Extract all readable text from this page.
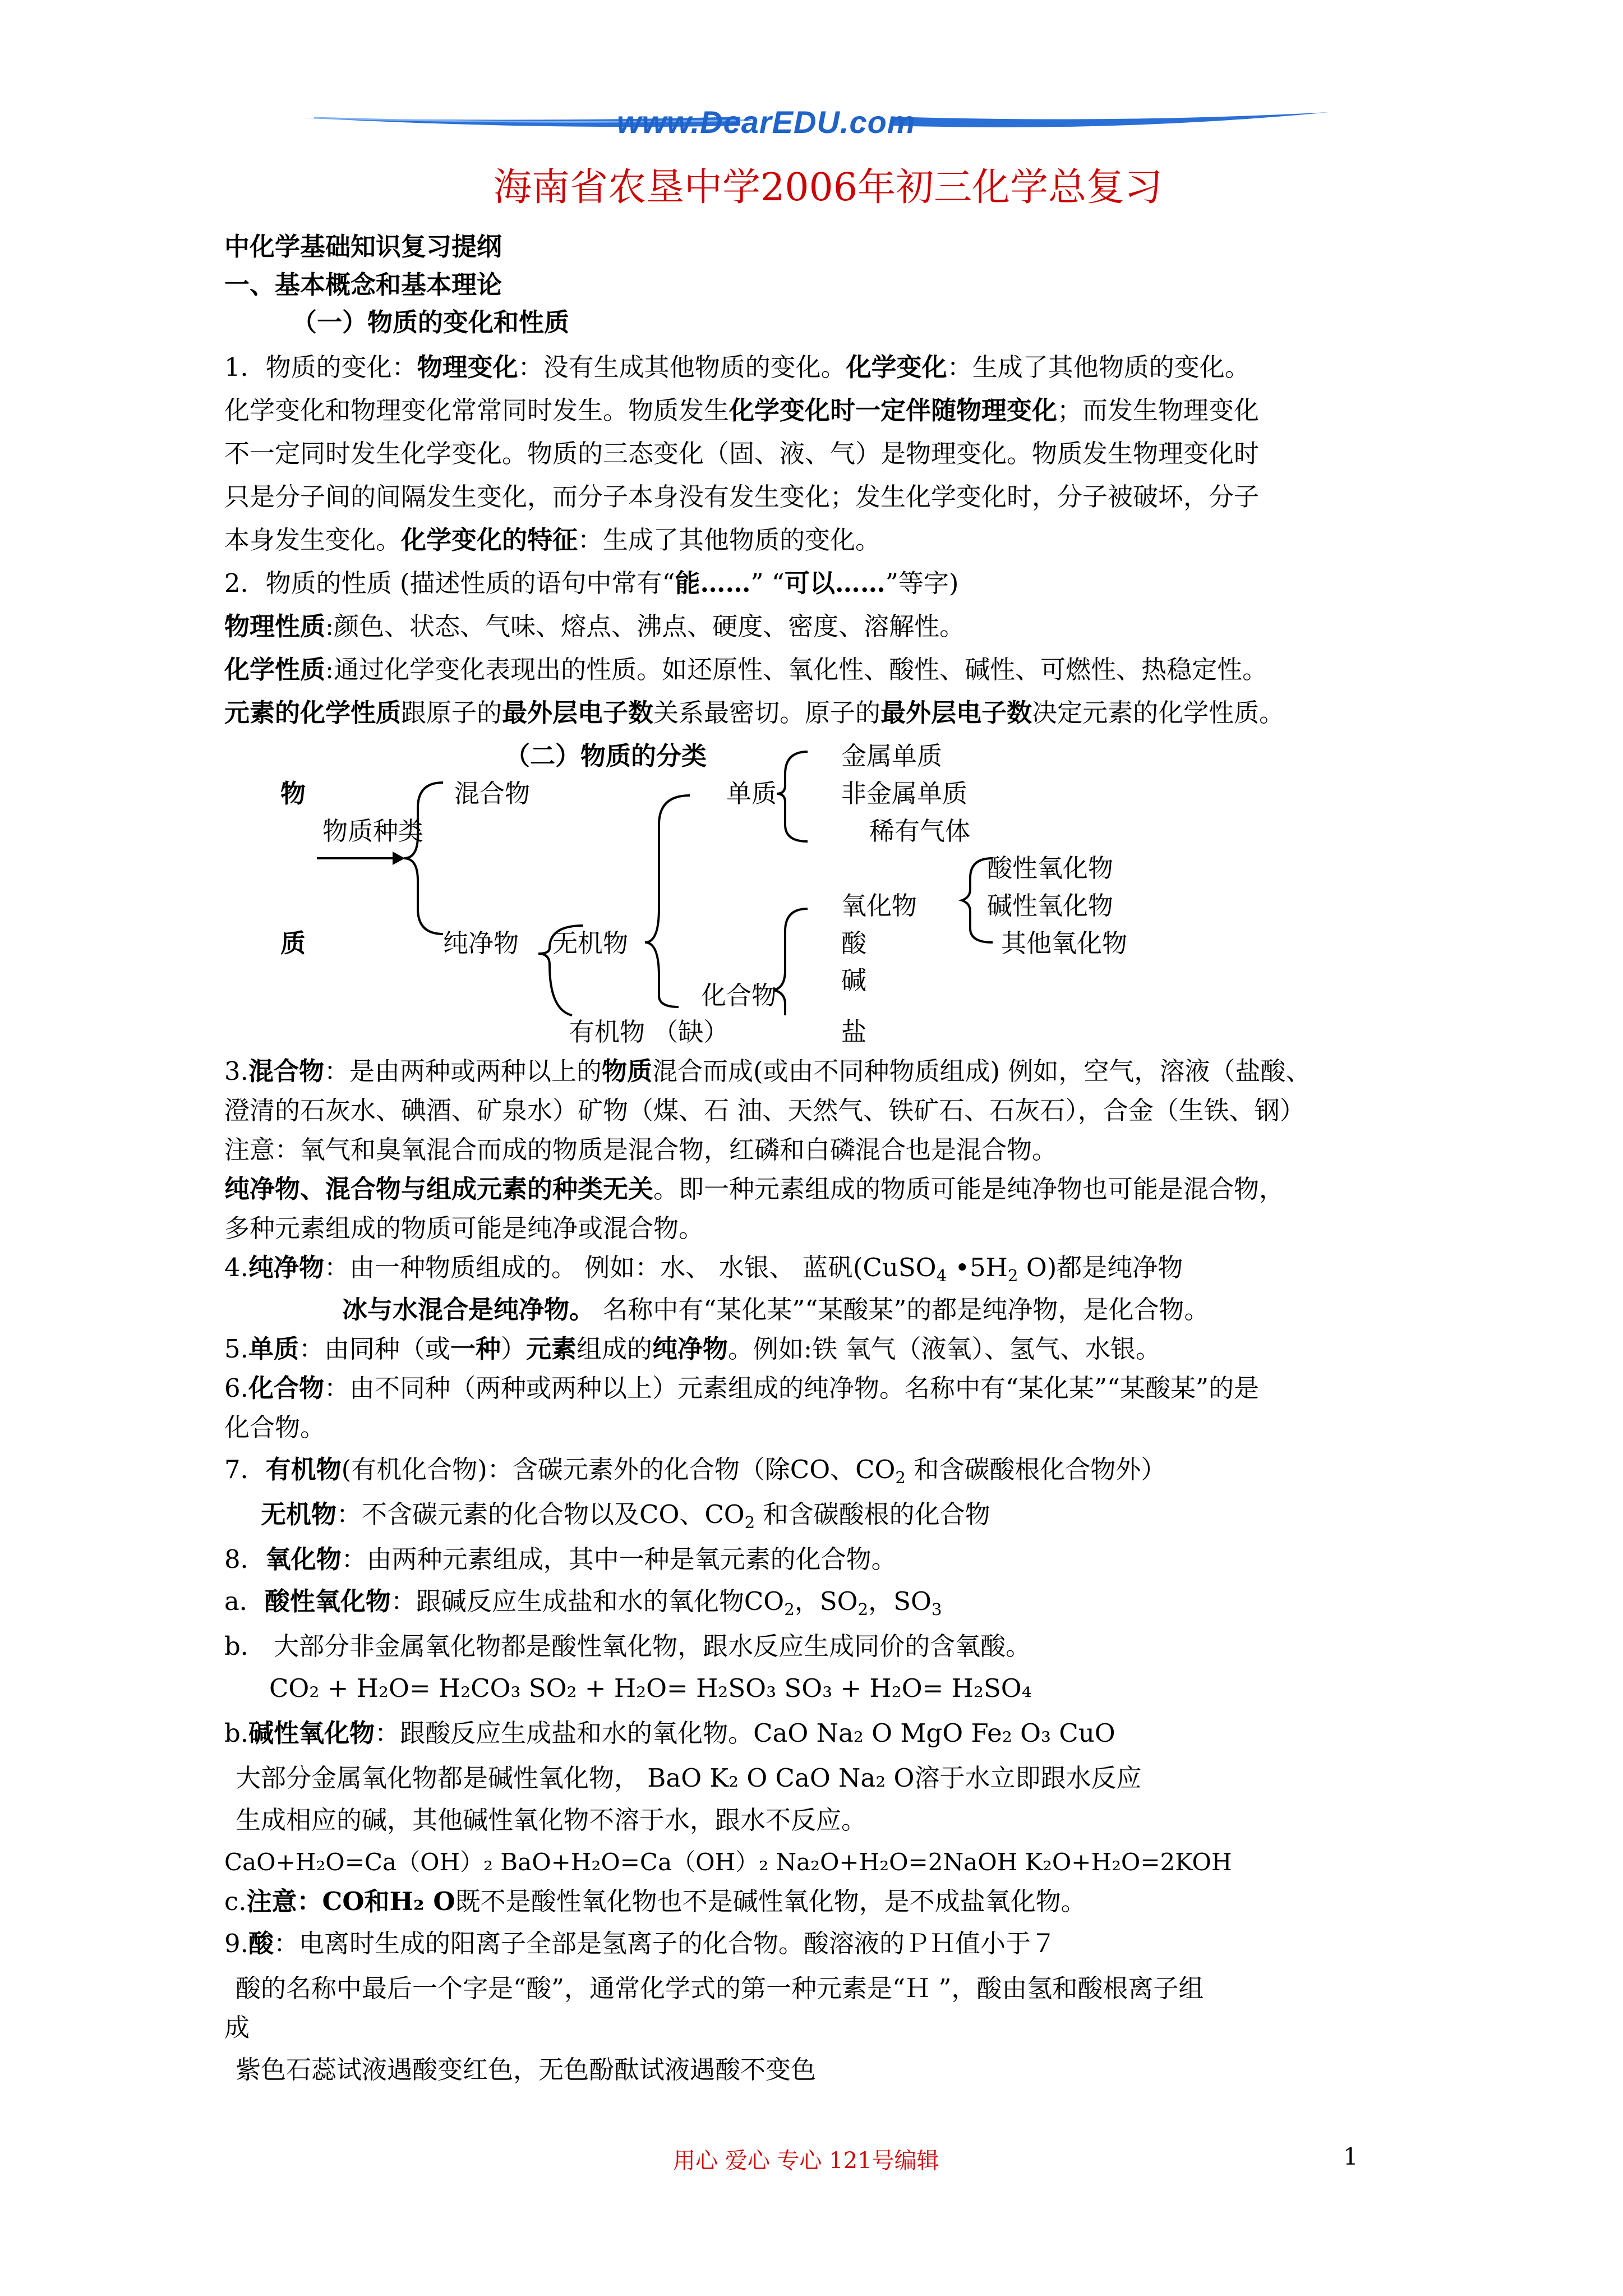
www.DearEDU.com
海南省农垦中学2006年初三化学总复习
中化学基础知识复习提纲
一、基本概念和基本理论
（一）物质的变化和性质
1．物质的变化：物理变化：没有生成其他物质的变化。化学变化：生成了其他物质的变化。
化学变化和物理变化常常同时发生。物质发生化学变化时一定伴随物理变化；而发生物理变化
不一定同时发生化学变化。物质的三态变化（固、液、气）是物理变化。物质发生物理变化时
只是分子间的间隔发生变化，而分子本身没有发生变化；发生化学变化时，分子被破坏，分子
本身发生变化。化学变化的特征：生成了其他物质的变化。
2．物质的性质 (描述性质的语句中常有“能……” “可以……”等字)
物理性质:颜色、状态、气味、熔点、沸点、硬度、密度、溶解性。
化学性质:通过化学变化表现出的性质。如还原性、氧化性、酸性、碱性、可燃性、热稳定性。
元素的化学性质跟原子的最外层电子数关系最密切。原子的最外层电子数决定元素的化学性质。
（二）物质的分类
物
质
物质种类
混合物
纯净物 无机物
有机物 （缺）
单质
化合物
金属单质
非金属单质
稀有气体
氧化物
酸
碱
盐
酸性氧化物
碱性氧化物
其他氧化物
3.混合物：是由两种或两种以上的物质混合而成(或由不同种物质组成) 例如，空气，溶液（盐酸、
澄清的石灰水、碘酒、矿泉水）矿物（煤、石 油、天然气、铁矿石、石灰石），合金（生铁、钢）
注意：氧气和臭氧混合而成的物质是混合物，红磷和白磷混合也是混合物。
纯净物、混合物与组成元素的种类无关。即一种元素组成的物质可能是纯净物也可能是混合物，
多种元素组成的物质可能是纯净或混合物。
4.纯净物：由一种物质组成的。 例如：水、 水银、 蓝矾(CuSO$_4$ $•5H_2$ O)都是纯净物
冰与水混合是纯净物。 名称中有“某化某”“某酸某”的都是纯净物，是化合物。
5.单质：由同种（或一种）元素组成的纯净物。例如:铁 氧气（液氧）、氢气、水银。
6.化合物：由不同种（两种或两种以上）元素组成的纯净物。名称中有“某化某”“某酸某”的是
化合物。
7．有机物(有机化合物)：含碳元素外的化合物（除CO、$CO_2$ 和含碳酸根化合物外）
无机物：不含碳元素的化合物以及CO、$CO_2$ 和含碳酸根的化合物
8．氧化物：由两种元素组成，其中一种是氧元素的化合物。
a．酸性氧化物：跟碱反应生成盐和水的氧化物$CO_2$，$SO_2$，$SO_3$
b． 大部分非金属氧化物都是酸性氧化物，跟水反应生成同价的含氧酸。
CO₂ + H₂O= H₂CO₃ SO₂ + H₂O= H₂SO₃ SO₃ + H₂O= H₂SO₄
b.碱性氧化物：跟酸反应生成盐和水的氧化物。CaO Na₂ O MgO Fe₂ O₃ CuO
大部分金属氧化物都是碱性氧化物， BaO K₂ O CaO Na₂ O溶于水立即跟水反应
生成相应的碱，其他碱性氧化物不溶于水，跟水不反应。
CaO+H₂O=Ca（OH）₂ BaO+H₂O=Ca（OH）₂ Na₂O+H₂O=2NaOH K₂O+H₂O=2KOH
c.注意：CO和H₂ O既不是酸性氧化物也不是碱性氧化物，是不成盐氧化物。
9.酸：电离时生成的阳离子全部是氢离子的化合物。酸溶液的ＰＨ值小于７
酸的名称中最后一个字是“酸”，通常化学式的第一种元素是“Ｈ ”，酸由氢和酸根离子组
成
紫色石蕊试液遇酸变红色，无色酚酞试液遇酸不变色
用心 爱心 专心 121号编辑	1
